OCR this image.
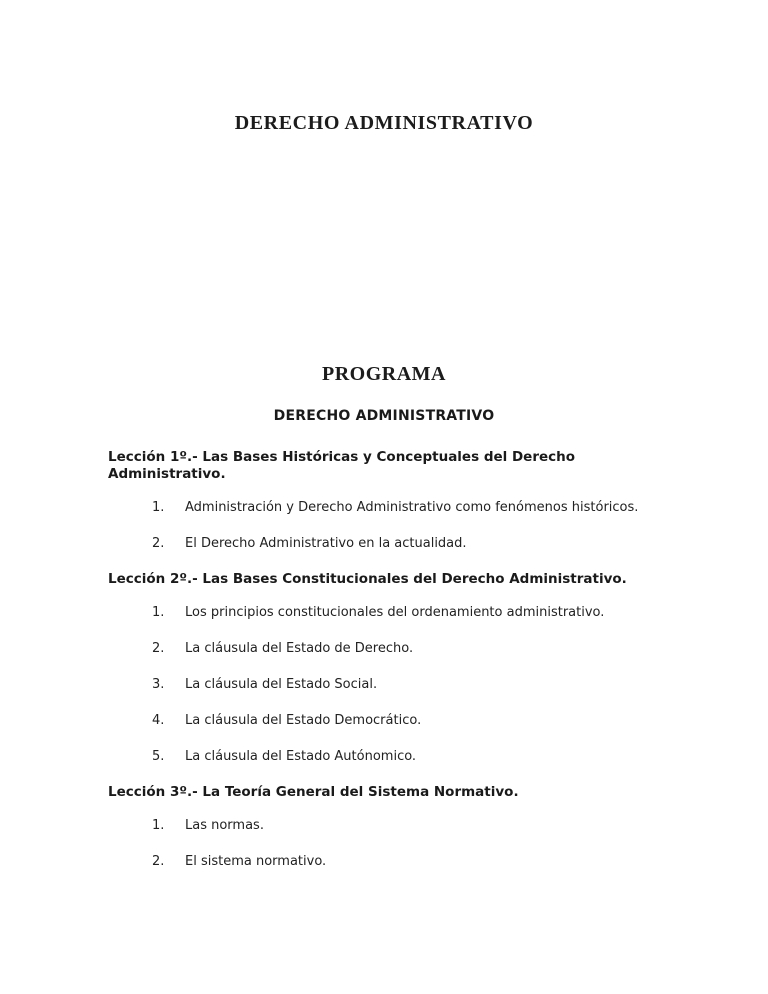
DERECHO ADMINISTRATIVO
PROGRAMA
DERECHO ADMINISTRATIVO
Lección 1º.- Las Bases Históricas y Conceptuales del Derecho Administrativo.
1.	Administración y Derecho Administrativo como fenómenos históricos.
2.	El Derecho Administrativo en la actualidad.
Lección 2º.- Las Bases Constitucionales del Derecho Administrativo.
1.	Los principios constitucionales del ordenamiento administrativo.
2.	La cláusula del Estado de Derecho.
3.	La cláusula del Estado Social.
4.	La cláusula del Estado Democrático.
5.	La cláusula del Estado Autónomico.
Lección 3º.- La Teoría General del Sistema Normativo.
1.	Las normas.
2.	El sistema normativo.
